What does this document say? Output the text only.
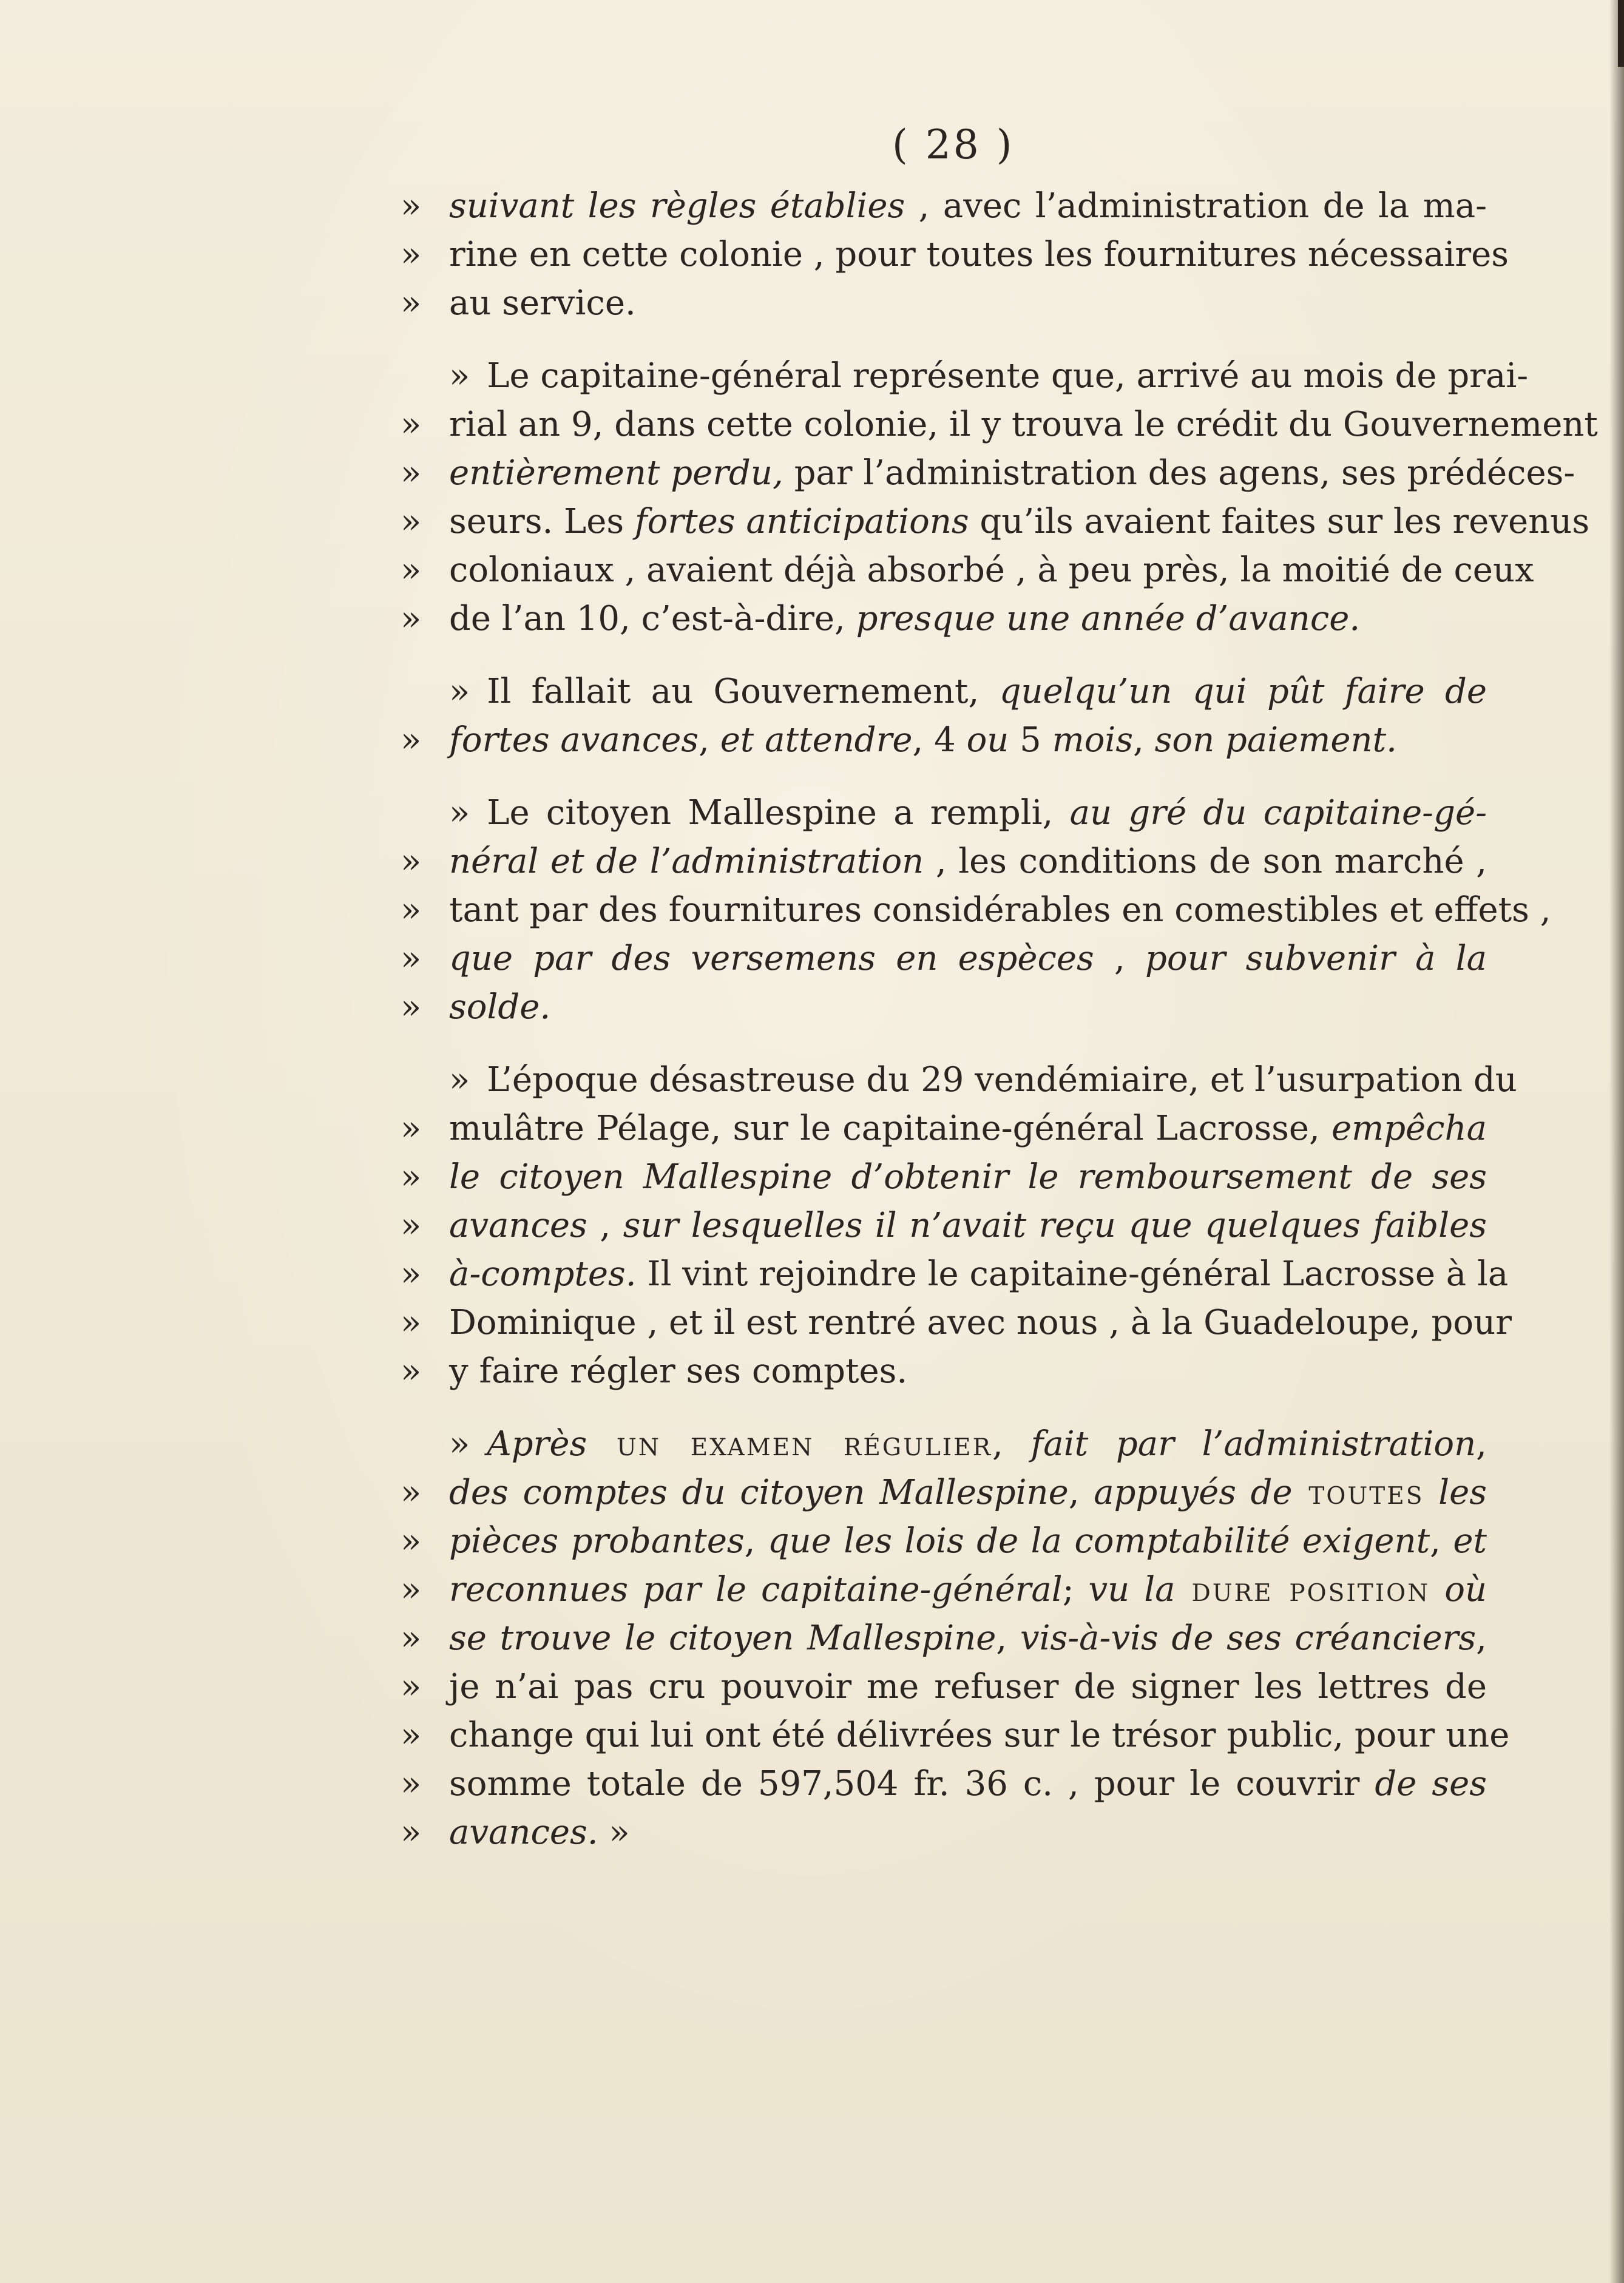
( 28 )
» suivant les règles établies , avec l’administration de la ma-
» rine en cette colonie , pour toutes les fournitures nécessaires
» au service.
» Le capitaine-général représente que, arrivé au mois de prai-
» rial an 9, dans cette colonie, il y trouva le crédit du Gouvernement
» entièrement perdu, par l’administration des agens, ses prédéces-
» seurs. Les fortes anticipations qu’ils avaient faites sur les revenus
» coloniaux , avaient déjà absorbé , à peu près, la moitié de ceux
» de l’an 10, c’est-à-dire, presque une année d’avance.
» Il fallait au Gouvernement, quelqu’un qui pût faire de
» fortes avances, et attendre, 4 ou 5 mois, son paiement.
» Le citoyen Mallespine a rempli, au gré du capitaine-gé-
» néral et de l’administration , les conditions de son marché ,
» tant par des fournitures considérables en comestibles et effets ,
» que par des versemens en espèces , pour subvenir à la
» solde.
» L’époque désastreuse du 29 vendémiaire, et l’usurpation du
» mulâtre Pélage, sur le capitaine-général Lacrosse, empêcha
» le citoyen Mallespine d’obtenir le remboursement de ses
» avances , sur lesquelles il n’avait reçu que quelques faibles
» à-comptes. Il vint rejoindre le capitaine-général Lacrosse à la
» Dominique , et il est rentré avec nous , à la Guadeloupe, pour
» y faire régler ses comptes.
» Après un examen régulier, fait par l’administration,
» des comptes du citoyen Mallespine, appuyés de toutes les
» pièces probantes, que les lois de la comptabilité exigent, et
» reconnues par le capitaine-général; vu la dure position où
» se trouve le citoyen Mallespine, vis-à-vis de ses créanciers,
» je n’ai pas cru pouvoir me refuser de signer les lettres de
» change qui lui ont été délivrées sur le trésor public, pour une
» somme totale de 597,504 fr. 36 c. , pour le couvrir de ses
» avances. »
